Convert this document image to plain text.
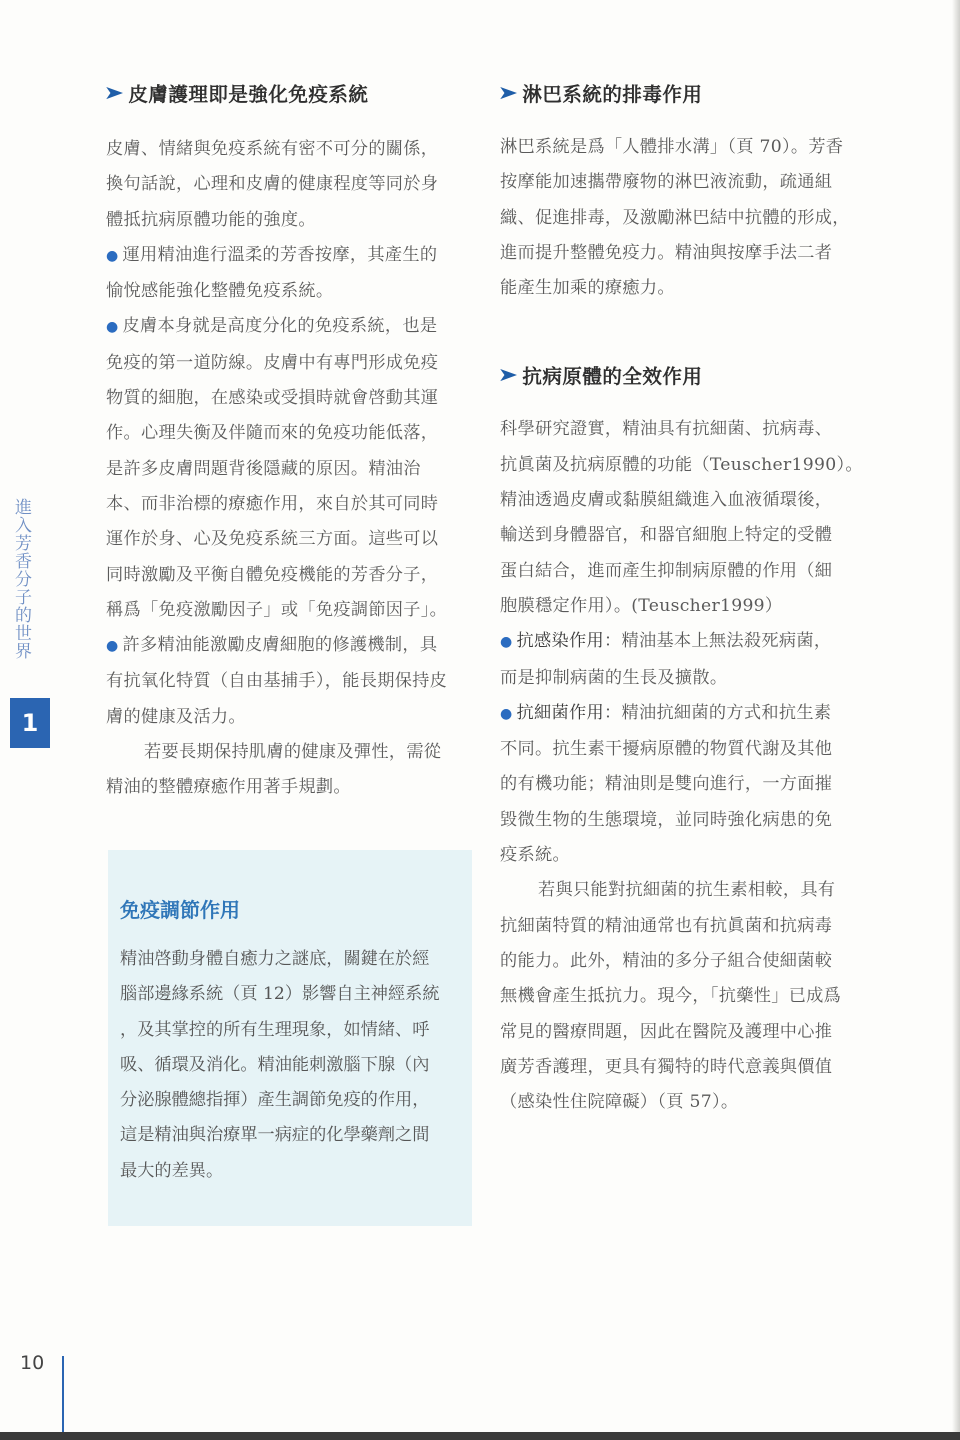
➤ 皮膚護理即是強化免疫系統

皮膚、情緒與免疫系統有密不可分的關係，
換句話說，心理和皮膚的健康程度等同於身
體抵抗病原體功能的強度。

● 運用精油進行溫柔的芳香按摩，其產生的
愉悅感能強化整體免疫系統。

● 皮膚本身就是高度分化的免疫系統，也是
免疫的第一道防線。皮膚中有專門形成免疫
物質的細胞，在感染或受損時就會啓動其運
作。心理失衡及伴隨而來的免疫功能低落，
是許多皮膚問題背後隱藏的原因。精油治
本、而非治標的療癒作用，來自於其可同時
運作於身、心及免疫系統三方面。這些可以
同時激勵及平衡自體免疫機能的芳香分子，
稱爲「免疫激勵因子」或「免疫調節因子」。

● 許多精油能激勵皮膚細胞的修護機制，具
有抗氧化特質（自由基捕手），能長期保持皮
膚的健康及活力。

若要長期保持肌膚的健康及彈性，需從
精油的整體療癒作用著手規劃。

免疫調節作用
精油啓動身體自癒力之謎底，關鍵在於經
腦部邊緣系統（頁 12）影響自主神經系統
，及其掌控的所有生理現象，如情緒、呼
吸、循環及消化。精油能刺激腦下腺（內
分泌腺體總指揮）產生調節免疫的作用，
這是精油與治療單一病症的化學藥劑之間
最大的差異。
➤ 淋巴系統的排毒作用

淋巴系統是爲「人體排水溝」（頁 70）。芳香
按摩能加速攜帶廢物的淋巴液流動，疏通組
織、促進排毒，及激勵淋巴結中抗體的形成，
進而提升整體免疫力。精油與按摩手法二者
能產生加乘的療癒力。

➤ 抗病原體的全效作用

科學研究證實，精油具有抗細菌、抗病毒、
抗眞菌及抗病原體的功能（Teuscher1990）。
精油透過皮膚或黏膜組織進入血液循環後，
輸送到身體器官，和器官細胞上特定的受體
蛋白結合，進而產生抑制病原體的作用（細
胞膜穩定作用）。(Teuscher1999）

● 抗感染作用：精油基本上無法殺死病菌，
而是抑制病菌的生長及擴散。

● 抗細菌作用：精油抗細菌的方式和抗生素
不同。抗生素干擾病原體的物質代謝及其他
的有機功能；精油則是雙向進行，一方面摧
毀微生物的生態環境，並同時強化病患的免
疫系統。

若與只能對抗細菌的抗生素相較，具有
抗細菌特質的精油通常也有抗眞菌和抗病毒
的能力。此外，精油的多分子組合使細菌較
無機會產生抵抗力。現今，「抗藥性」已成爲
常見的醫療問題，因此在醫院及護理中心推
廣芳香護理，更具有獨特的時代意義與價值
（感染性住院障礙）（頁 57）。

進入芳香分子的世界
1
10
